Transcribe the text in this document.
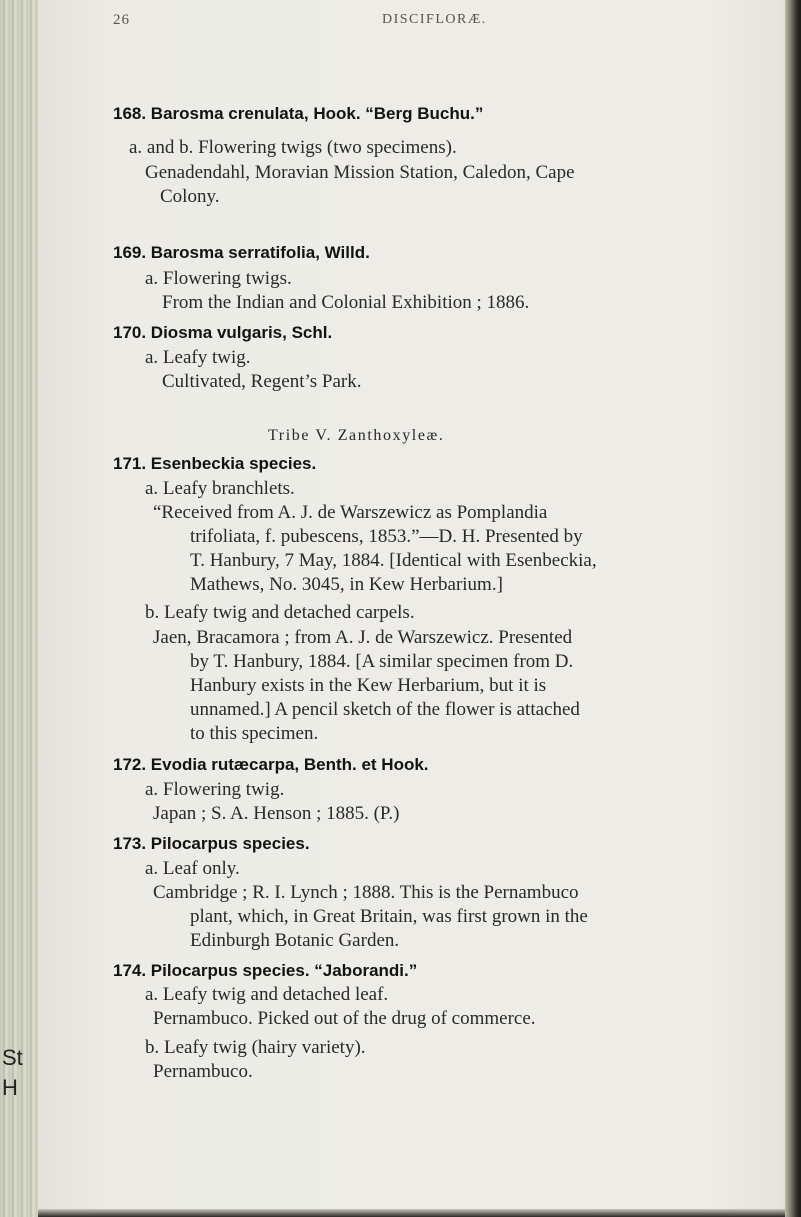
St
H
26	DISCIFLORÆ.
Tribe V. Zanthoxyleæ.
168. Barosma crenulata, Hook. “Berg Buchu.”
a. and b. Flowering twigs (two specimens).
Genadendahl, Moravian Mission Station, Caledon, Cape
Colony.
169. Barosma serratifolia, Willd.
a. Flowering twigs.
From the Indian and Colonial Exhibition ; 1886.
170. Diosma vulgaris, Schl.
a. Leafy twig.
Cultivated, Regent’s Park.
171. Esenbeckia species.
a. Leafy branchlets.
“Received from A. J. de Warszewicz as Pomplandia
trifoliata, f. pubescens, 1853.”—D. H. Presented by
T. Hanbury, 7 May, 1884. [Identical with Esenbeckia,
Mathews, No. 3045, in Kew Herbarium.]
b. Leafy twig and detached carpels.
Jaen, Bracamora ; from A. J. de Warszewicz. Presented
by T. Hanbury, 1884. [A similar specimen from D.
Hanbury exists in the Kew Herbarium, but it is
unnamed.] A pencil sketch of the flower is attached
to this specimen.
172. Evodia rutæcarpa, Benth. et Hook.
a. Flowering twig.
Japan ; S. A. Henson ; 1885. (P.)
173. Pilocarpus species.
a. Leaf only.
Cambridge ; R. I. Lynch ; 1888. This is the Pernambuco
plant, which, in Great Britain, was first grown in the
Edinburgh Botanic Garden.
174. Pilocarpus species. “Jaborandi.”
a. Leafy twig and detached leaf.
Pernambuco. Picked out of the drug of commerce.
b. Leafy twig (hairy variety).
Pernambuco.
